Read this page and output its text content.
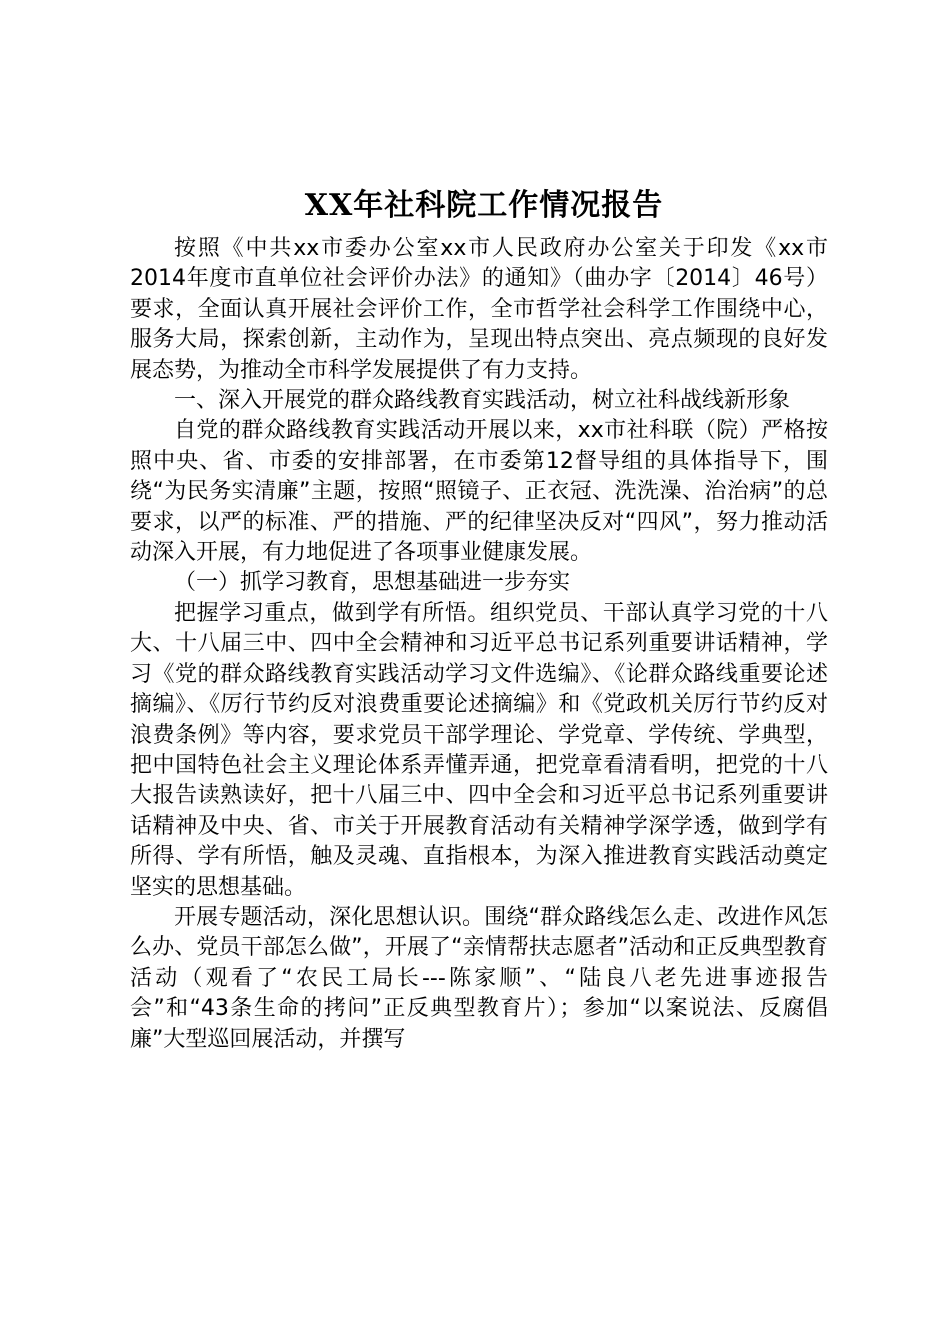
XX年社科院工作情况报告

按照《中共xx市委办公室xx市人民政府办公室关于印发《xx市2014年度市直单位社会评价办法》的通知》（曲办字〔2014〕46号）要求，全面认真开展社会评价工作，全市哲学社会科学工作围绕中心，服务大局，探索创新，主动作为，呈现出特点突出、亮点频现的良好发展态势，为推动全市科学发展提供了有力支持。

一、深入开展党的群众路线教育实践活动，树立社科战线新形象

自党的群众路线教育实践活动开展以来，xx市社科联（院）严格按照中央、省、市委的安排部署，在市委第12督导组的具体指导下，围绕“为民务实清廉”主题，按照“照镜子、正衣冠、洗洗澡、治治病”的总要求，以严的标准、严的措施、严的纪律坚决反对“四风”，努力推动活动深入开展，有力地促进了各项事业健康发展。

（一）抓学习教育，思想基础进一步夯实

把握学习重点，做到学有所悟。组织党员、干部认真学习党的十八大、十八届三中、四中全会精神和习近平总书记系列重要讲话精神，学习《党的群众路线教育实践活动学习文件选编》、《论群众路线重要论述摘编》、《厉行节约反对浪费重要论述摘编》和《党政机关厉行节约反对浪费条例》等内容，要求党员干部学理论、学党章、学传统、学典型，把中国特色社会主义理论体系弄懂弄通，把党章看清看明，把党的十八大报告读熟读好，把十八届三中、四中全会和习近平总书记系列重要讲话精神及中央、省、市关于开展教育活动有关精神学深学透，做到学有所得、学有所悟，触及灵魂、直指根本，为深入推进教育实践活动奠定坚实的思想基础。

开展专题活动，深化思想认识。围绕“群众路线怎么走、改进作风怎么办、党员干部怎么做”，开展了“亲情帮扶志愿者”活动和正反典型教育活动（观看了“农民工局长---陈家顺”、“陆良八老先进事迹报告会”和“43条生命的拷问”正反典型教育片）；参加“以案说法、反腐倡廉”大型巡回展活动，并撰写
